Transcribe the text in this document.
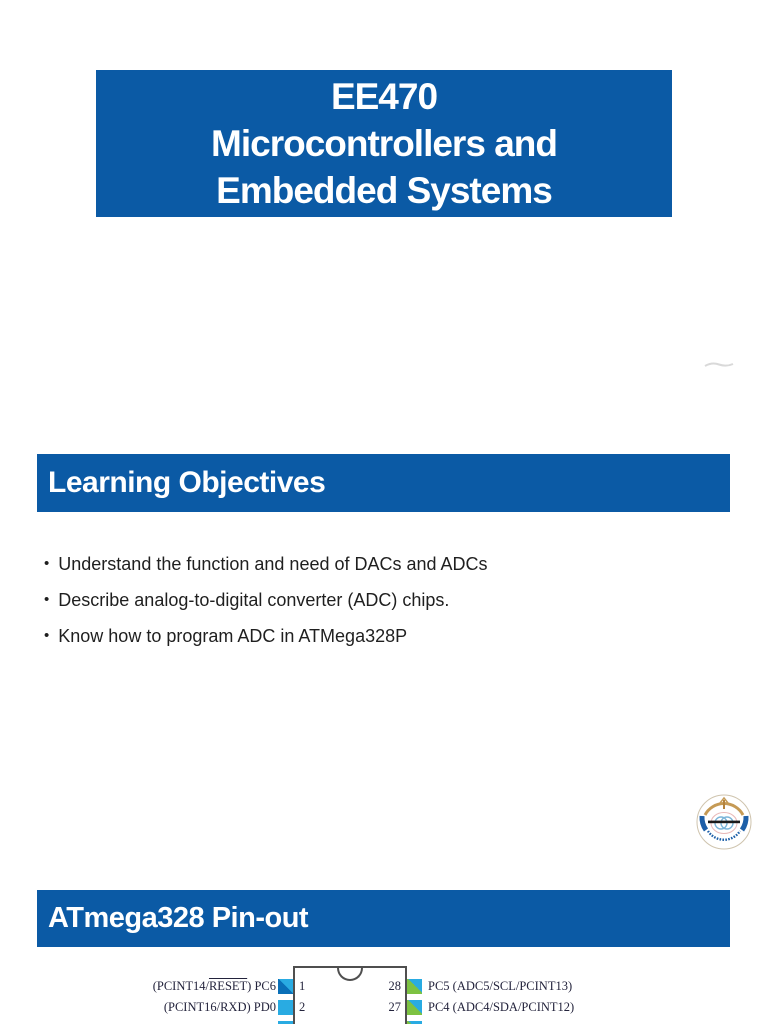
EE470
Microcontrollers and
Embedded Systems
Learning Objectives
• Understand the function and need of DACs and ADCs
• Describe analog-to-digital converter (ADC) chips.
• Know how to program ADC in ATMega328P
ATmega328 Pin-out
(PCINT14/RESET) PC6 1
(PCINT16/RXD) PD0 2
28 PC5 (ADC5/SCL/PCINT13)
27 PC4 (ADC4/SDA/PCINT12)
